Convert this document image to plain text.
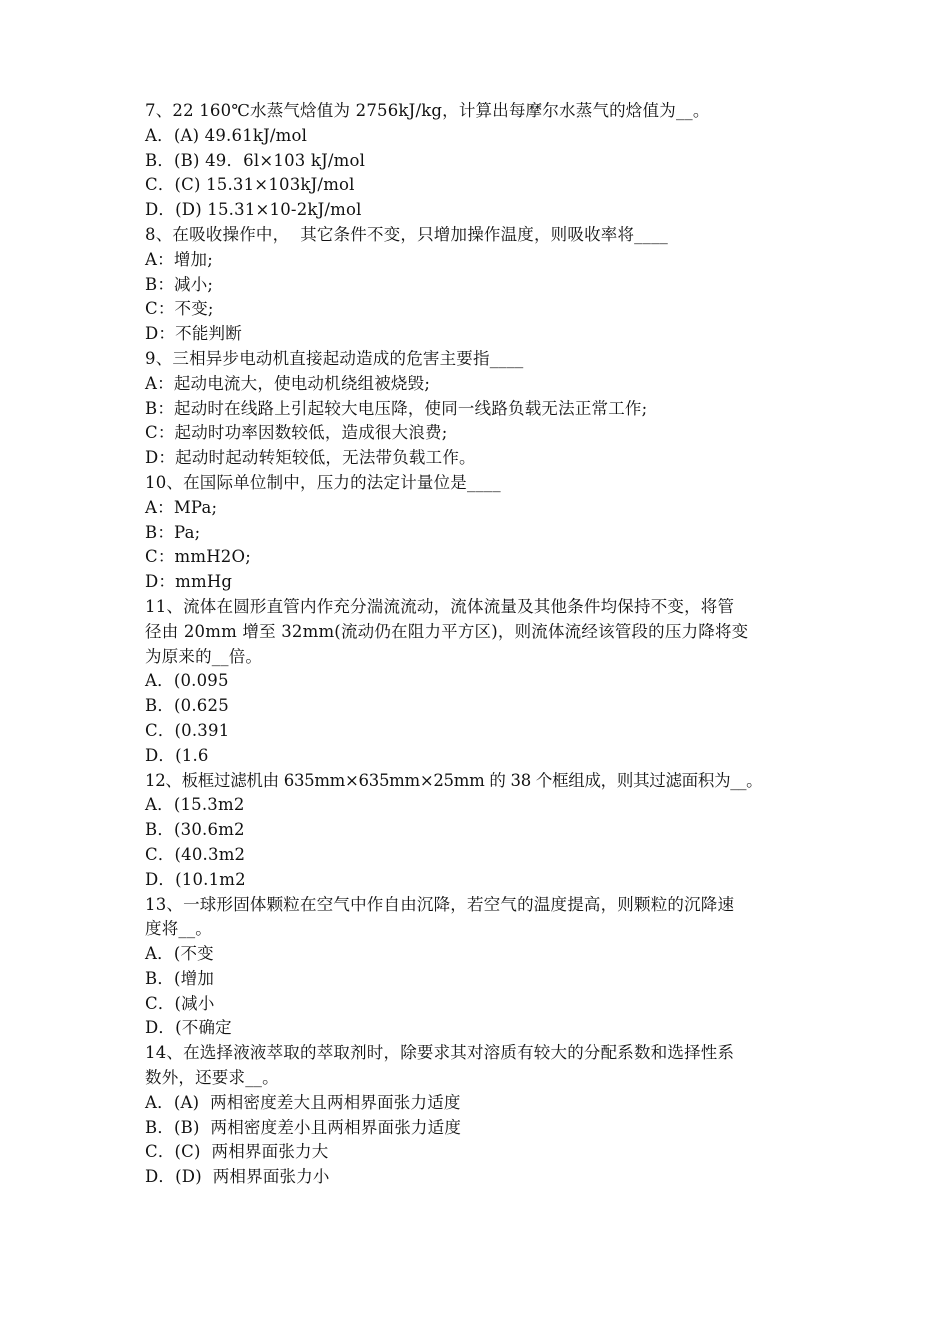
7、22 160℃水蒸气焓值为 2756kJ/kg，计算出每摩尔水蒸气的焓值为__。
A．(A) 49.61kJ/mol
B．(B) 49．6l×103 kJ/mol
C．(C) 15.31×103kJ/mol
D．(D) 15.31×10-2kJ/mol
8、在吸收操作中，  其它条件不变，只增加操作温度，则吸收率将____
A：增加;
B：减小;
C：不变;
D：不能判断
9、三相异步电动机直接起动造成的危害主要指____
A：起动电流大，使电动机绕组被烧毁;
B：起动时在线路上引起较大电压降，使同一线路负载无法正常工作;
C：起动时功率因数较低，造成很大浪费;
D：起动时起动转矩较低，无法带负载工作。
10、在国际单位制中，压力的法定计量位是____
A：MPa;
B：Pa;
C：mmH2O;
D：mmHg
11、流体在圆形直管内作充分湍流流动，流体流量及其他条件均保持不变，将管
径由 20mm 增至 32mm(流动仍在阻力平方区)，则流体流经该管段的压力降将变
为原来的__倍。
A．(0.095
B．(0.625
C．(0.391
D．(1.6
12、板框过滤机由 635mm×635mm×25mm 的 38 个框组成，则其过滤面积为__。
A．(15.3m2
B．(30.6m2
C．(40.3m2
D．(10.1m2
13、一球形固体颗粒在空气中作自由沉降，若空气的温度提高，则颗粒的沉降速
度将__。
A．(不变
B．(增加
C．(减小
D．(不确定
14、在选择液液萃取的萃取剂时，除要求其对溶质有较大的分配系数和选择性系
数外，还要求__。
A．(A)  两相密度差大且两相界面张力适度
B．(B)  两相密度差小且两相界面张力适度
C．(C)  两相界面张力大
D．(D)  两相界面张力小
